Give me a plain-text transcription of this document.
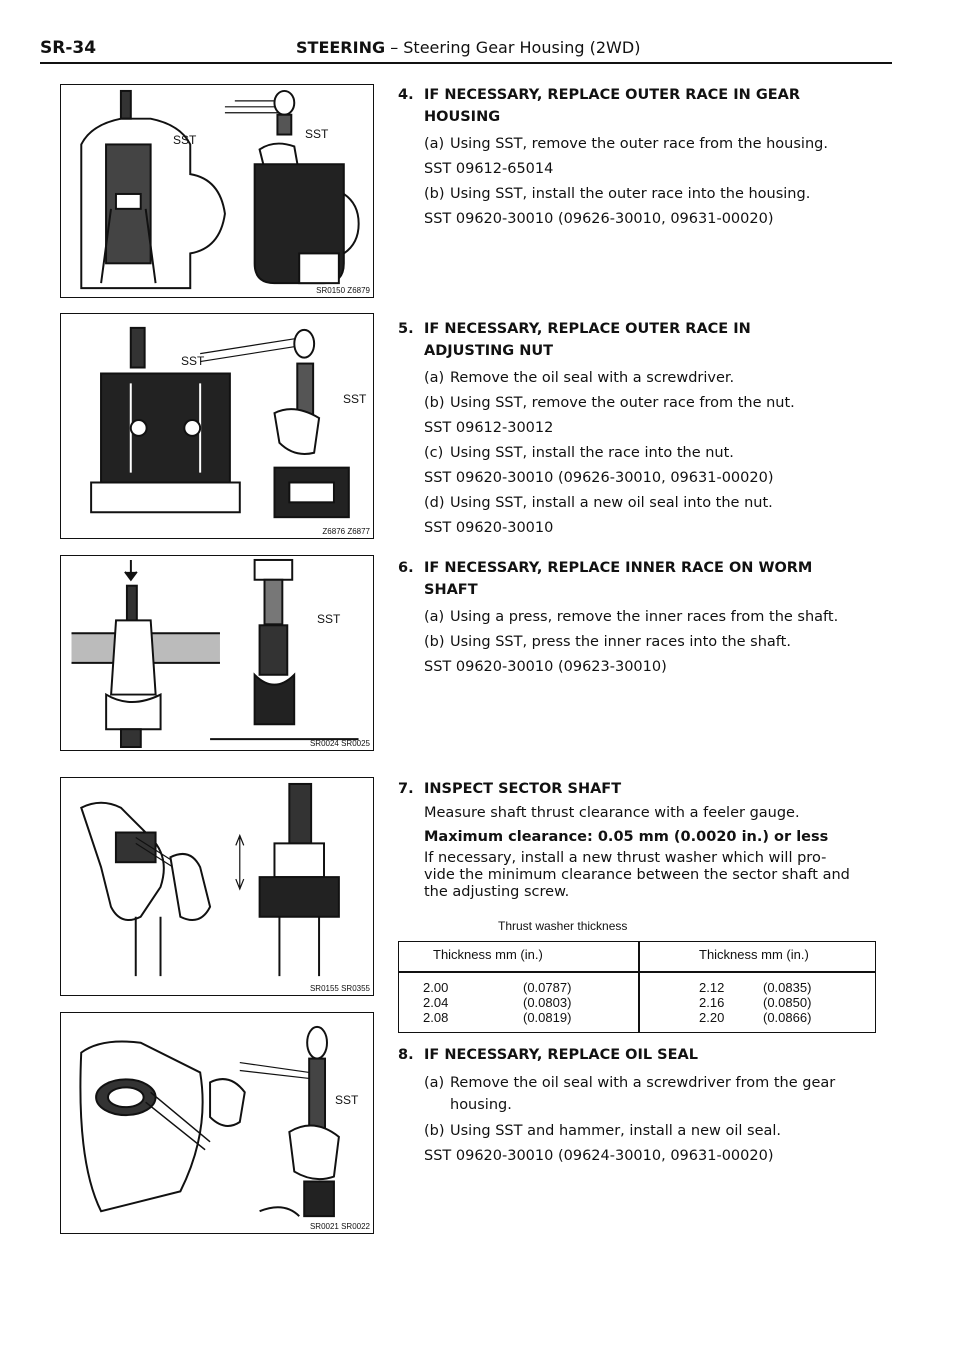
SR-34	STEERING – Steering Gear Housing (2WD)
SST	SST
SR0150 Z6879
SST
SST
Z6876 Z6877
SST
SR0024 SR0025
SR0155 SR0355
SST
SR0021 SR0022
4. IF NECESSARY, REPLACE OUTER RACE IN GEAR
HOUSING
(a) Using SST, remove the outer race from the housing.
SST 09612-65014
(b) Using SST, install the outer race into the housing.
SST 09620-30010 (09626-30010, 09631-00020)
5. IF NECESSARY, REPLACE OUTER RACE IN
ADJUSTING NUT
(a) Remove the oil seal with a screwdriver.
(b) Using SST, remove the outer race from the nut.
SST 09612-30012
(c) Using SST, install the race into the nut.
SST 09620-30010 (09626-30010, 09631-00020)
(d) Using SST, install a new oil seal into the nut.
SST 09620-30010
6. IF NECESSARY, REPLACE INNER RACE ON WORM
SHAFT
(a) Using a press, remove the inner races from the shaft.
(b) Using SST, press the inner races into the shaft.
SST 09620-30010 (09623-30010)
7. INSPECT SECTOR SHAFT
Measure shaft thrust clearance with a feeler gauge.
Maximum clearance: 0.05 mm (0.0020 in.) or less
If necessary, install a new thrust washer which will pro-
vide the minimum clearance between the sector shaft and
the adjusting screw.
Thrust washer thickness
Thickness mm (in.)	Thickness mm (in.)
2.00	(0.0787)
2.04	(0.0803)
2.08	(0.0819)
2.12	(0.0835)
2.16	(0.0850)
2.20	(0.0866)
8. IF NECESSARY, REPLACE OIL SEAL
(a) Remove the oil seal with a screwdriver from the gear
housing.
(b) Using SST and hammer, install a new oil seal.
SST 09620-30010 (09624-30010, 09631-00020)
